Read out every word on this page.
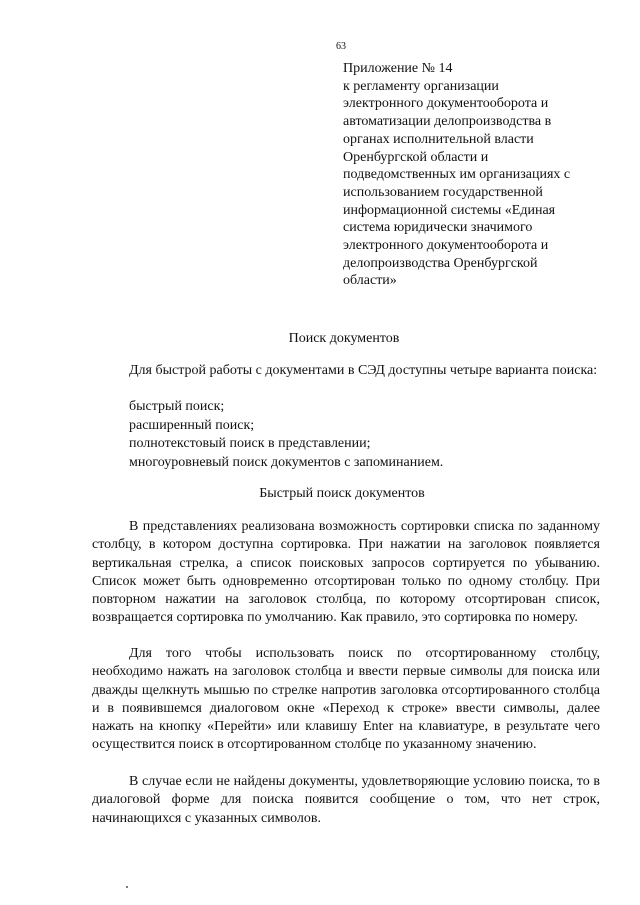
63
Приложение № 14
к регламенту организации
электронного документооборота и
автоматизации делопроизводства в
органах исполнительной власти
Оренбургской области и
подведомственных им организациях с
использованием государственной
информационной системы «Единая
система юридически значимого
электронного документооборота и
делопроизводства Оренбургской
области»
Поиск документов

Для быстрой работы с документами в СЭД доступны четыре варианта поиска:

быстрый поиск;
расширенный поиск;
полнотекстовый поиск в представлении;
многоуровневый поиск документов с запоминанием.
Быстрый поиск документов

В представлениях реализована возможность сортировки списка по заданному столбцу, в котором доступна сортировка. При нажатии на заголовок появляется вертикальная стрелка, а список поисковых запросов сортируется по убыванию. Список может быть одновременно отсортирован только по одному столбцу. При повторном нажатии на заголовок столбца, по которому отсортирован список, возвращается сортировка по умолчанию. Как правило, это сортировка по номеру.

Для того чтобы использовать поиск по отсортированному столбцу, необходимо нажать на заголовок столбца и ввести первые символы для поиска или дважды щелкнуть мышью по стрелке напротив заголовка отсортированного столбца и в появившемся диалоговом окне «Переход к строке» ввести символы, далее нажать на кнопку «Перейти» или клавишу Enter на клавиатуре, в результате чего осуществится поиск в отсортированном столбце по указанному значению.

В случае если не найдены документы, удовлетворяющие условию поиска, то в диалоговой форме для поиска появится сообщение о том, что нет строк, начинающихся с указанных символов.
